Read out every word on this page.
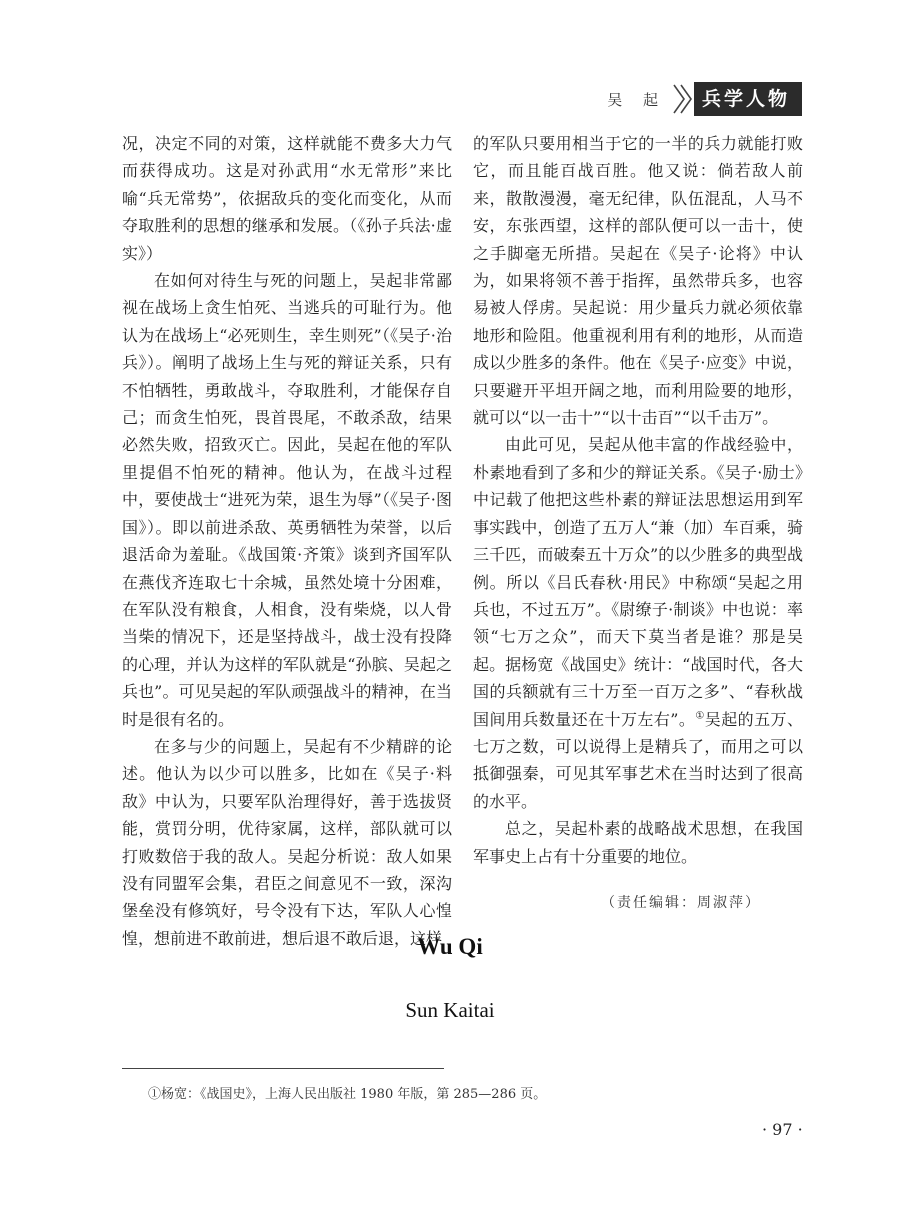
吴 起	兵学人物

况，决定不同的对策，这样就能不费多大力气而获得成功。这是对孙武用“水无常形”来比喻“兵无常势”，依据敌兵的变化而变化，从而夺取胜利的思想的继承和发展。（《孙子兵法·虚实》）

在如何对待生与死的问题上，吴起非常鄙视在战场上贪生怕死、当逃兵的可耻行为。他认为在战场上“必死则生，幸生则死”（《吴子·治兵》）。阐明了战场上生与死的辩证关系，只有不怕牺牲，勇敢战斗，夺取胜利，才能保存自己；而贪生怕死，畏首畏尾，不敢杀敌，结果必然失败，招致灭亡。因此，吴起在他的军队里提倡不怕死的精神。他认为，在战斗过程中，要使战士“进死为荣，退生为辱”（《吴子·图国》）。即以前进杀敌、英勇牺牲为荣誉，以后退活命为羞耻。《战国策·齐策》谈到齐国军队在燕伐齐连取七十余城，虽然处境十分困难，在军队没有粮食，人相食，没有柴烧，以人骨当柴的情况下，还是坚持战斗，战士没有投降的心理，并认为这样的军队就是“孙膑、吴起之兵也”。可见吴起的军队顽强战斗的精神，在当时是很有名的。

在多与少的问题上，吴起有不少精辟的论述。他认为以少可以胜多，比如在《吴子·料敌》中认为，只要军队治理得好，善于选拔贤能，赏罚分明，优待家属，这样，部队就可以打败数倍于我的敌人。吴起分析说：敌人如果没有同盟军会集，君臣之间意见不一致，深沟堡垒没有修筑好，号令没有下达，军队人心惶惶，想前进不敢前进，想后退不敢后退，这样

的军队只要用相当于它的一半的兵力就能打败它，而且能百战百胜。他又说：倘若敌人前来，散散漫漫，毫无纪律，队伍混乱，人马不安，东张西望，这样的部队便可以一击十，使之手脚毫无所措。吴起在《吴子·论将》中认为，如果将领不善于指挥，虽然带兵多，也容易被人俘虏。吴起说：用少量兵力就必须依靠地形和险阻。他重视利用有利的地形，从而造成以少胜多的条件。他在《吴子·应变》中说，只要避开平坦开阔之地，而利用险要的地形，就可以“以一击十”“以十击百”“以千击万”。

由此可见，吴起从他丰富的作战经验中，朴素地看到了多和少的辩证关系。《吴子·励士》中记载了他把这些朴素的辩证法思想运用到军事实践中，创造了五万人“兼（加）车百乘，骑三千匹，而破秦五十万众”的以少胜多的典型战例。所以《吕氏春秋·用民》中称颂“吴起之用兵也，不过五万”。《尉缭子·制谈》中也说：率领“七万之众”，而天下莫当者是谁？那是吴起。据杨宽《战国史》统计：“战国时代，各大国的兵额就有三十万至一百万之多”、“春秋战国间用兵数量还在十万左右”。①吴起的五万、七万之数，可以说得上是精兵了，而用之可以抵御强秦，可见其军事艺术在当时达到了很高的水平。

总之，吴起朴素的战略战术思想，在我国军事史上占有十分重要的地位。

（责任编辑：周淑萍）
Wu Qi
Sun Kaitai
①杨宽：《战国史》，上海人民出版社 1980 年版，第 285—286 页。
· 97 ·
